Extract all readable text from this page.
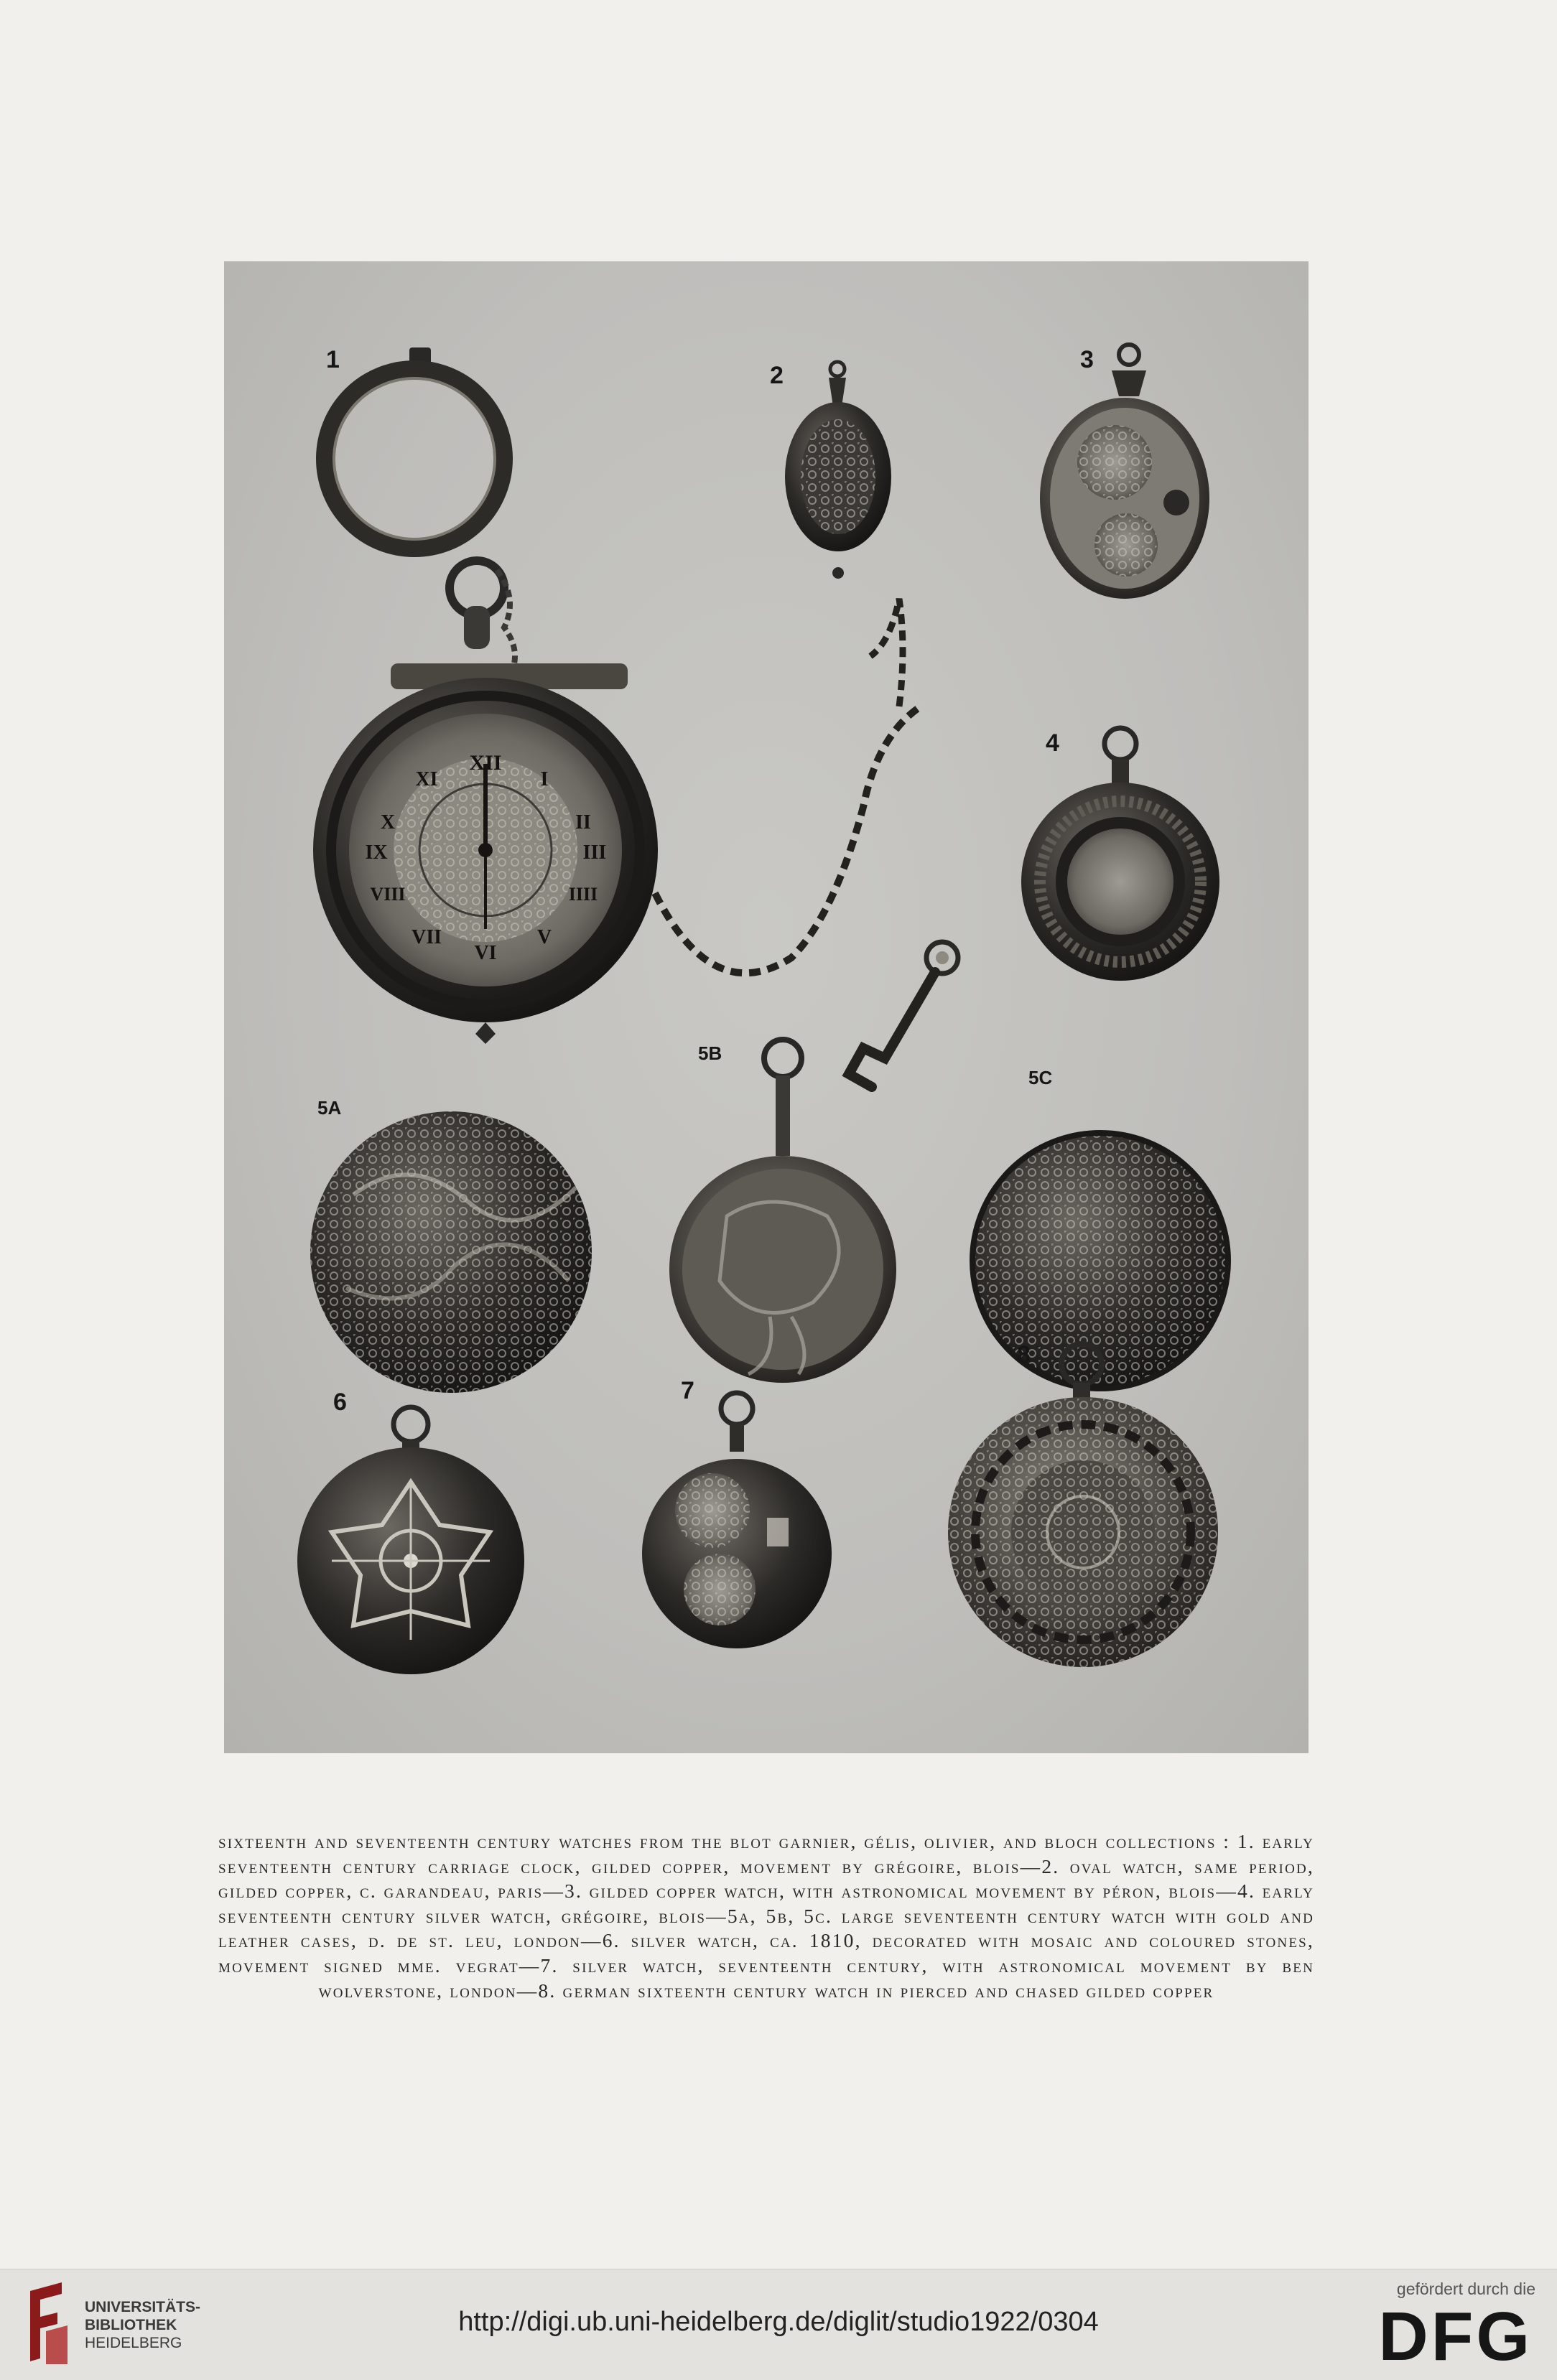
XII
I
II
III
IIII
V
VI
VII
VIII
IX
X
XI
1
2
3
4
5B
5A
5C
6	7
8
sixteenth and seventeenth century watches from the blot garnier, gélis, olivier, and bloch collections : 1. early seventeenth century carriage clock, gilded copper, movement by grégoire, blois—2. oval watch, same period, gilded copper, c. garandeau, paris—3. gilded copper watch, with astronomical movement by péron, blois—4. early seventeenth century silver watch, grégoire, blois—5a, 5b, 5c. large seventeenth century watch with gold and leather cases, d. de st. leu, london—6. silver watch, ca. 1810, decorated with mosaic and coloured stones, movement signed mme. vegrat—7. silver watch, seventeenth century, with astronomical movement by ben wolverstone, london—8. german sixteenth century watch in pierced and chased gilded copper
UNIVERSITÄTS-
BIBLIOTHEK
HEIDELBERG
http://digi.ub.uni-heidelberg.de/diglit/studio1922/0304
gefördert durch die
DFG
